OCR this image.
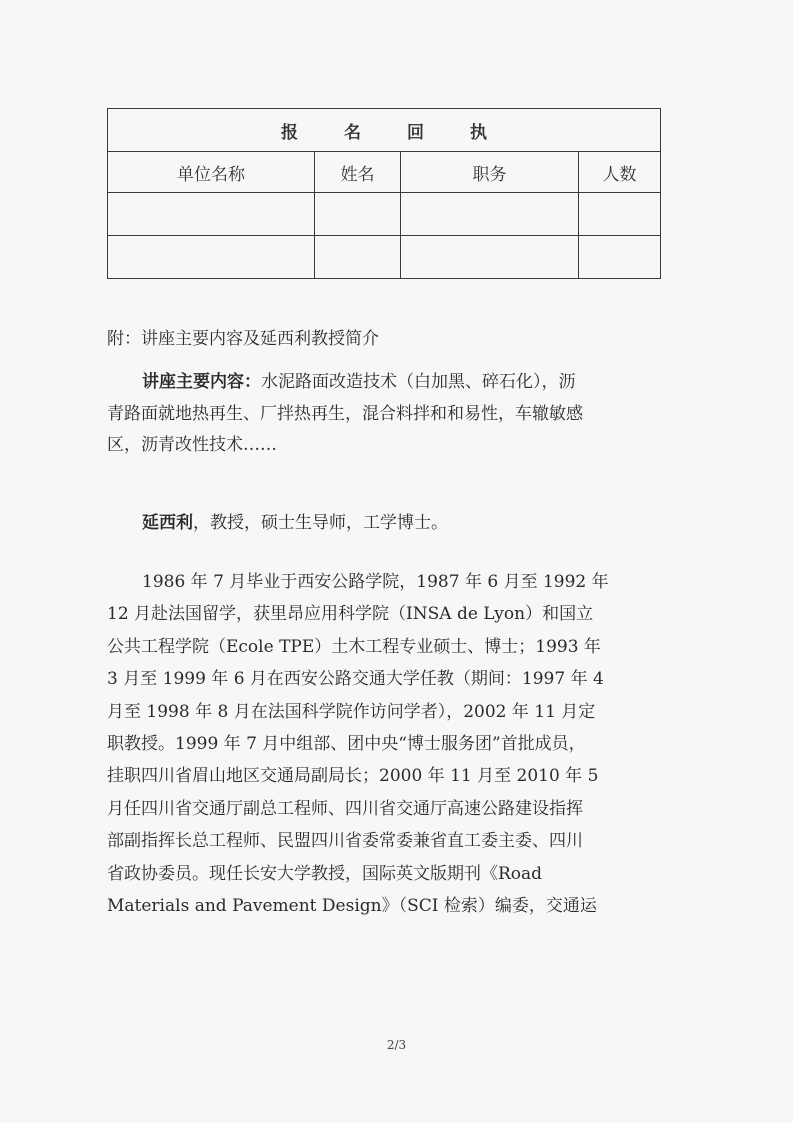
报 名 回 执			
单位名称	姓名	职务	人数

附：讲座主要内容及延西利教授简介
讲座主要内容：水泥路面改造技术（白加黑、碎石化），沥
青路面就地热再生、厂拌热再生，混合料拌和和易性，车辙敏感
区，沥青改性技术……
延西利，教授，硕士生导师，工学博士。
1986 年 7 月毕业于西安公路学院，1987 年 6 月至 1992 年
12 月赴法国留学，获里昂应用科学院（INSA de Lyon）和国立
公共工程学院（Ecole TPE）土木工程专业硕士、博士；1993 年
3 月至 1999 年 6 月在西安公路交通大学任教（期间：1997 年 4
月至 1998 年 8 月在法国科学院作访问学者），2002 年 11 月定
职教授。1999 年 7 月中组部、团中央“博士服务团”首批成员，
挂职四川省眉山地区交通局副局长；2000 年 11 月至 2010 年 5
月任四川省交通厅副总工程师、四川省交通厅高速公路建设指挥
部副指挥长总工程师、民盟四川省委常委兼省直工委主委、四川
省政协委员。现任长安大学教授，国际英文版期刊《Road
Materials and Pavement Design》（SCI 检索）编委，交通运
2/3
